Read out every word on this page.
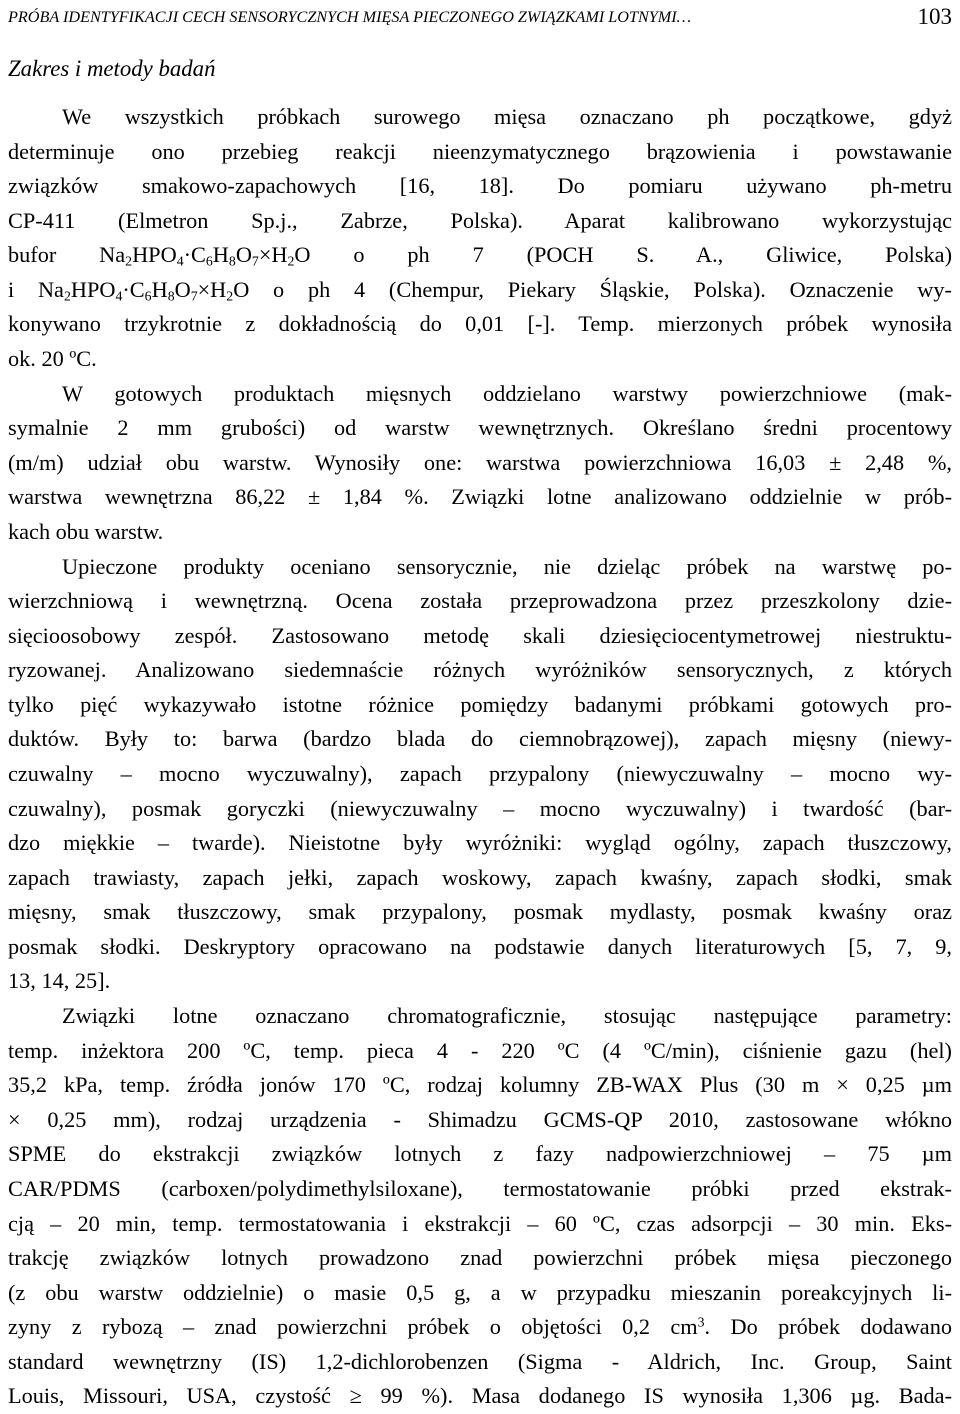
PRÓBA IDENTYFIKACJI CECH SENSORYCZNYCH MIĘSA PIECZONEGO ZWIĄZKAMI LOTNYMI…	103
Zakres i metody badań
We wszystkich próbkach surowego mięsa oznaczano ph początkowe, gdyż
determinuje ono przebieg reakcji nieenzymatycznego brązowienia i powstawanie
związków smakowo-zapachowych [16, 18]. Do pomiaru używano ph-metru
CP-411 (Elmetron Sp.j., Zabrze, Polska). Aparat kalibrowano wykorzystując
bufor $Na_2HPO_4\cdot C_6H_8O_7\times H_2O$ o ph 7 (POCH S. A., Gliwice, Polska)
i $Na_2HPO_4\cdot C_6H_8O_7\times H_2O$ o ph 4 (Chempur, Piekary Śląskie, Polska). Oznaczenie wy-
konywano trzykrotnie z dokładnością do 0,01 [-]. Temp. mierzonych próbek wynosiła
ok. 20 ºC.
W gotowych produktach mięsnych oddzielano warstwy powierzchniowe (mak-
symalnie 2 mm grubości) od warstw wewnętrznych. Określano średni procentowy
(m/m) udział obu warstw. Wynosiły one: warstwa powierzchniowa 16,03 ± 2,48 %,
warstwa wewnętrzna 86,22 ± 1,84 %. Związki lotne analizowano oddzielnie w prób-
kach obu warstw.
Upieczone produkty oceniano sensorycznie, nie dzieląc próbek na warstwę po-
wierzchniową i wewnętrzną. Ocena została przeprowadzona przez przeszkolony dzie-
sięcioosobowy zespół. Zastosowano metodę skali dziesięciocentymetrowej niestruktu-
ryzowanej. Analizowano siedemnaście różnych wyróżników sensorycznych, z których
tylko pięć wykazywało istotne różnice pomiędzy badanymi próbkami gotowych pro-
duktów. Były to: barwa (bardzo blada do ciemnobrązowej), zapach mięsny (niewy-
czuwalny – mocno wyczuwalny), zapach przypalony (niewyczuwalny – mocno wy-
czuwalny), posmak goryczki (niewyczuwalny – mocno wyczuwalny) i twardość (bar-
dzo miękkie – twarde). Nieistotne były wyróżniki: wygląd ogólny, zapach tłuszczowy,
zapach trawiasty, zapach jełki, zapach woskowy, zapach kwaśny, zapach słodki, smak
mięsny, smak tłuszczowy, smak przypalony, posmak mydlasty, posmak kwaśny oraz
posmak słodki. Deskryptory opracowano na podstawie danych literaturowych [5, 7, 9,
13, 14, 25].
Związki lotne oznaczano chromatograficznie, stosując następujące parametry:
temp. inżektora 200 ºC, temp. pieca 4 - 220 ºC (4 ºC/min), ciśnienie gazu (hel)
35,2 kPa, temp. źródła jonów 170 ºC, rodzaj kolumny ZB-WAX Plus (30 m × 0,25 µm
× 0,25 mm), rodzaj urządzenia - Shimadzu GCMS-QP 2010, zastosowane włókno
SPME do ekstrakcji związków lotnych z fazy nadpowierzchniowej – 75 µm
CAR/PDMS (carboxen/polydimethylsiloxane), termostatowanie próbki przed ekstrak-
cją – 20 min, temp. termostatowania i ekstrakcji – 60 ºC, czas adsorpcji – 30 min. Eks-
trakcję związków lotnych prowadzono znad powierzchni próbek mięsa pieczonego
(z obu warstw oddzielnie) o masie 0,5 g, a w przypadku mieszanin poreakcyjnych li-
zyny z rybozą – znad powierzchni próbek o objętości 0,2 $cm^3$. Do próbek dodawano
standard wewnętrzny (IS) 1,2-dichlorobenzen (Sigma - Aldrich, Inc. Group, Saint
Louis, Missouri, USA, czystość ≥ 99 %). Masa dodanego IS wynosiła 1,306 µg. Bada-
